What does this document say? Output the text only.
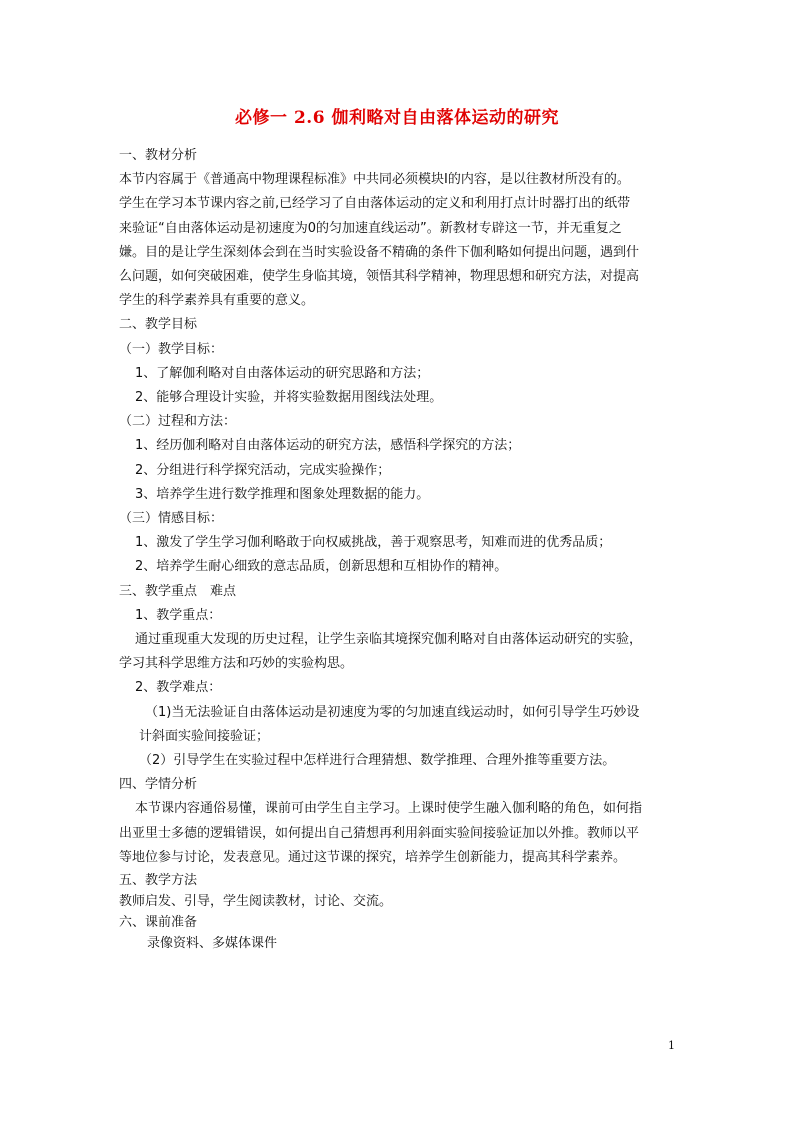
必修一 2.6 伽利略对自由落体运动的研究

一、教材分析

本节内容属于《普通高中物理课程标准》中共同必须模块Ⅰ的内容，是以往教材所没有的。

学生在学习本节课内容之前,已经学习了自由落体运动的定义和利用打点计时器打出的纸带

来验证“自由落体运动是初速度为0的匀加速直线运动”。新教材专辟这一节，并无重复之

嫌。目的是让学生深刻体会到在当时实验设备不精确的条件下伽利略如何提出问题，遇到什

么问题，如何突破困难，使学生身临其境，领悟其科学精神，物理思想和研究方法，对提高

学生的科学素养具有重要的意义。

二、教学目标

（一）教学目标：

1、了解伽利略对自由落体运动的研究思路和方法；

2、能够合理设计实验，并将实验数据用图线法处理。

（二）过程和方法：

1、经历伽利略对自由落体运动的研究方法，感悟科学探究的方法；

2、分组进行科学探究活动，完成实验操作；

3、培养学生进行数学推理和图象处理数据的能力。

（三）情感目标：

1、激发了学生学习伽利略敢于向权威挑战，善于观察思考，知难而进的优秀品质；

2、培养学生耐心细致的意志品质，创新思想和互相协作的精神。

三、教学重点　难点

1、教学重点：

通过重现重大发现的历史过程，让学生亲临其境探究伽利略对自由落体运动研究的实验，

学习其科学思维方法和巧妙的实验构思。

2、教学难点：

（1)当无法验证自由落体运动是初速度为零的匀加速直线运动时，如何引导学生巧妙设

计斜面实验间接验证；

（2）引导学生在实验过程中怎样进行合理猜想、数学推理、合理外推等重要方法。

四、学情分析

本节课内容通俗易懂，课前可由学生自主学习。上课时使学生融入伽利略的角色，如何指

出亚里士多德的逻辑错误，如何提出自己猜想再利用斜面实验间接验证加以外推。教师以平

等地位参与讨论，发表意见。通过这节课的探究，培养学生创新能力，提高其科学素养。

五、教学方法

教师启发、引导，学生阅读教材，讨论、交流。

六、课前准备

录像资料、多媒体课件

1
